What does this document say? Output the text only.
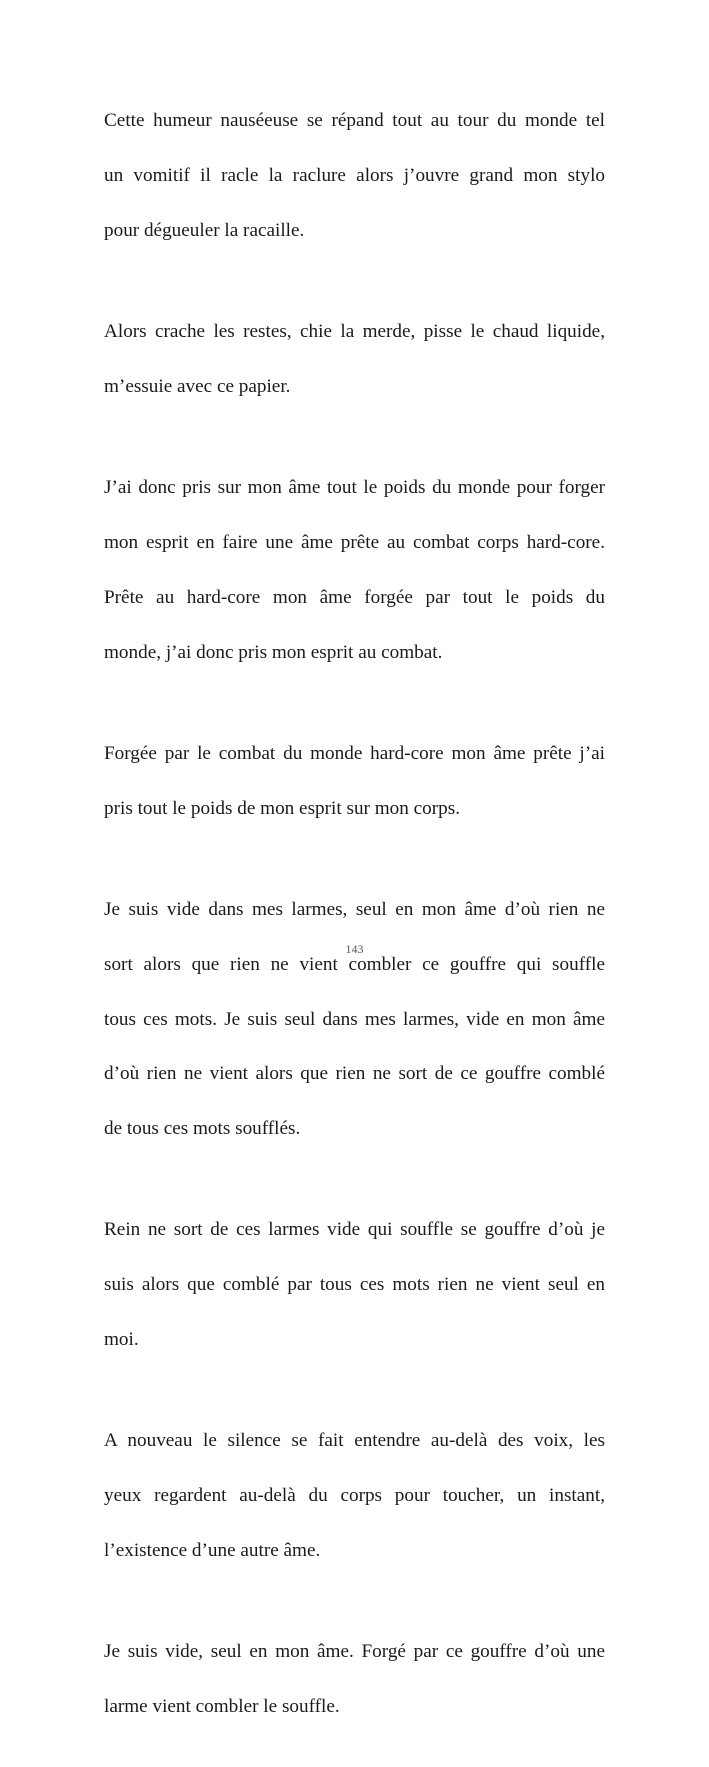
Cette humeur nauséeuse se répand tout au tour du monde tel

un vomitif il racle la raclure alors j’ouvre grand mon stylo

pour dégueuler la racaille.

Alors crache les restes, chie la merde, pisse le chaud liquide,

m’essuie avec ce papier.

J’ai donc pris sur mon âme tout le poids du monde pour forger

mon esprit en faire une âme prête au combat corps hard-core.

Prête au hard-core mon âme forgée par tout le poids du

monde, j’ai donc pris mon esprit au combat.

Forgée par le combat du monde hard-core mon âme prête j’ai

pris tout le poids de mon esprit sur mon corps.

Je suis vide dans mes larmes, seul en mon âme d’où rien ne

sort alors que rien ne vient combler ce gouffre qui souffle

tous ces mots. Je suis seul dans mes larmes, vide en mon âme

d’où rien ne vient alors que rien ne sort de ce gouffre comblé

de tous ces mots soufflés.

Rein ne sort de ces larmes vide qui souffle se gouffre d’où je

suis alors que comblé par tous ces mots rien ne vient seul en

moi.

A nouveau le silence se fait entendre au-delà des voix, les

yeux regardent au-delà du corps pour toucher, un instant,

l’existence d’une autre âme.

Je suis vide, seul en mon âme. Forgé par ce gouffre d’où une

larme vient combler le souffle.

143
